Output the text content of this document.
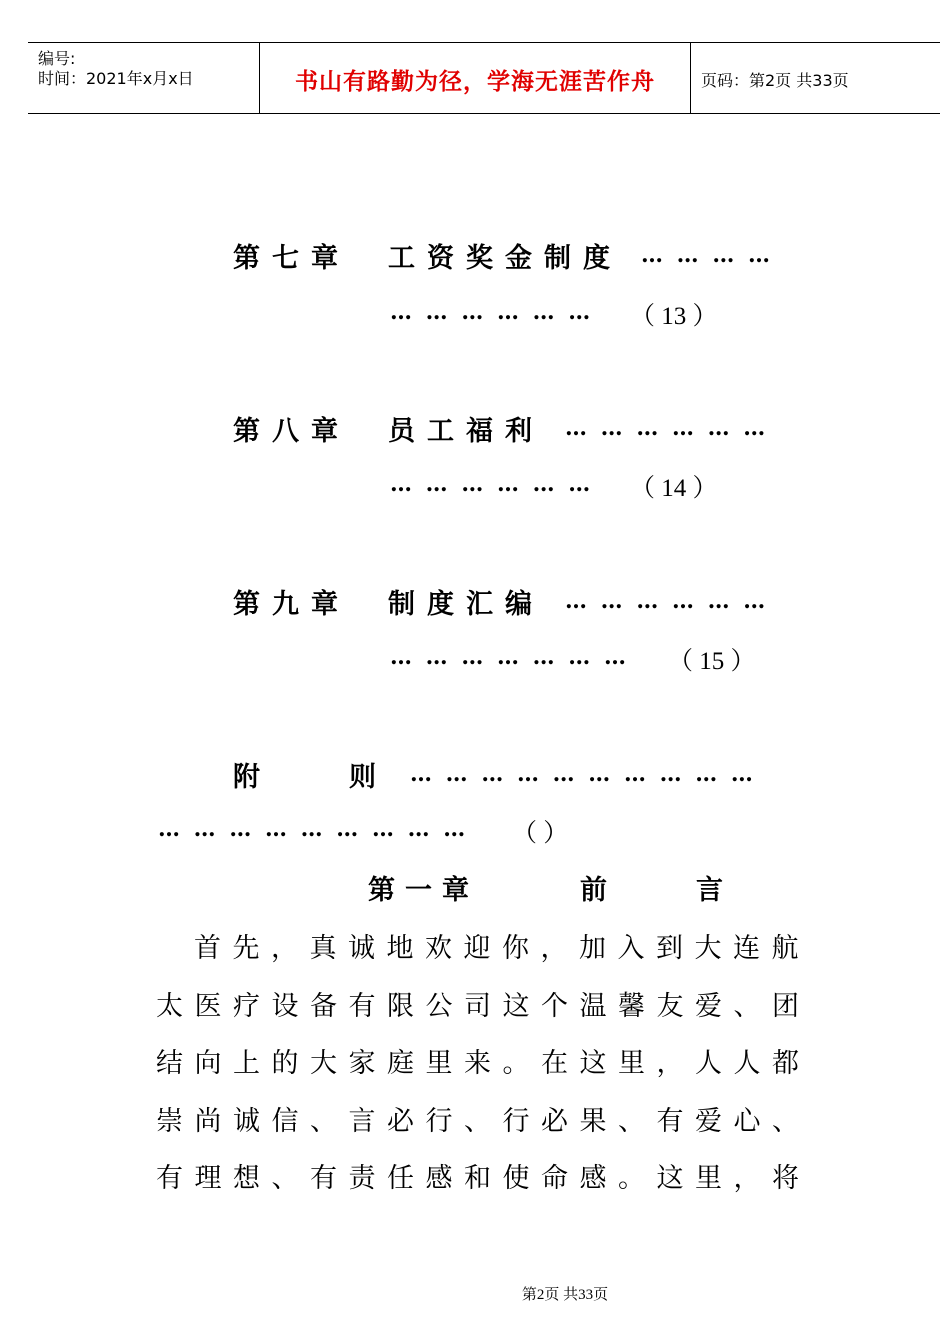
编号:
时间：2021年x月x日	书山有路勤为径，学海无涯苦作舟	页码：第2页 共33页
第七章 工资奖金制度 … … … …
… … … … … … （ 13 ）
第八章 员工福利 … … … … … …
… … … … … … （ 14 ）
第九章 制度汇编 … … … … … …
… … … … … … … （ 15 ）
附	则 … … … … … … … … … …
… … … … … … … … … （ ）
第一章	前	言
首先，真诚地欢迎你，加入到大连航
太医疗设备有限公司这个温馨友爱、团
结向上的大家庭里来。在这里，人人都
崇尚诚信、言必行、行必果、有爱心、
有理想、有责任感和使命感。这里，将
第2页 共33页
